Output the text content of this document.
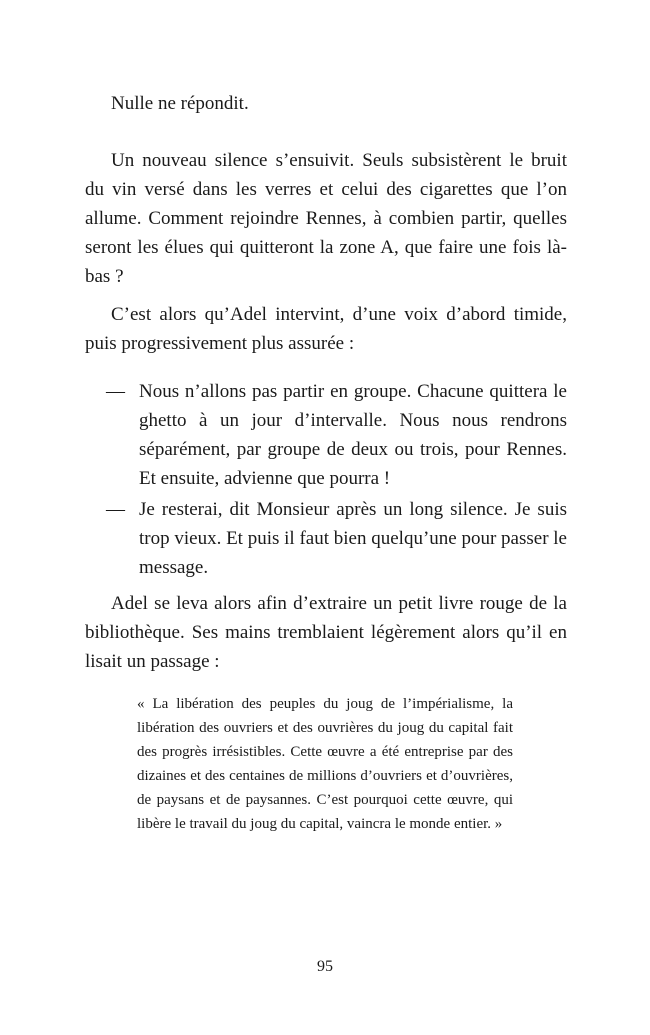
Nulle ne répondit.

Un nouveau silence s’ensuivit. Seuls subsistèrent le bruit du vin versé dans les verres et celui des cigarettes que l’on allume. Comment rejoindre Rennes, à combien partir, quelles seront les élues qui quitteront la zone A, que faire une fois là-bas ?

C’est alors qu’Adel intervint, d’une voix d’abord timide, puis progressivement plus assurée :

— Nous n’allons pas partir en groupe. Chacune quittera le ghetto à un jour d’intervalle. Nous nous rendrons séparément, par groupe de deux ou trois, pour Rennes. Et ensuite, advienne que pourra !

— Je resterai, dit Monsieur après un long silence. Je suis trop vieux. Et puis il faut bien quelqu’une pour passer le message.

Adel se leva alors afin d’extraire un petit livre rouge de la bibliothèque. Ses mains tremblaient légèrement alors qu’il en lisait un passage :

« La libération des peuples du joug de l’impérialisme, la libération des ouvriers et des ouvrières du joug du capital fait des progrès irrésistibles. Cette œuvre a été entreprise par des dizaines et des centaines de millions d’ouvriers et d’ouvrières, de paysans et de paysannes. C’est pourquoi cette œuvre, qui libère le travail du joug du capital, vaincra le monde entier. »

95
